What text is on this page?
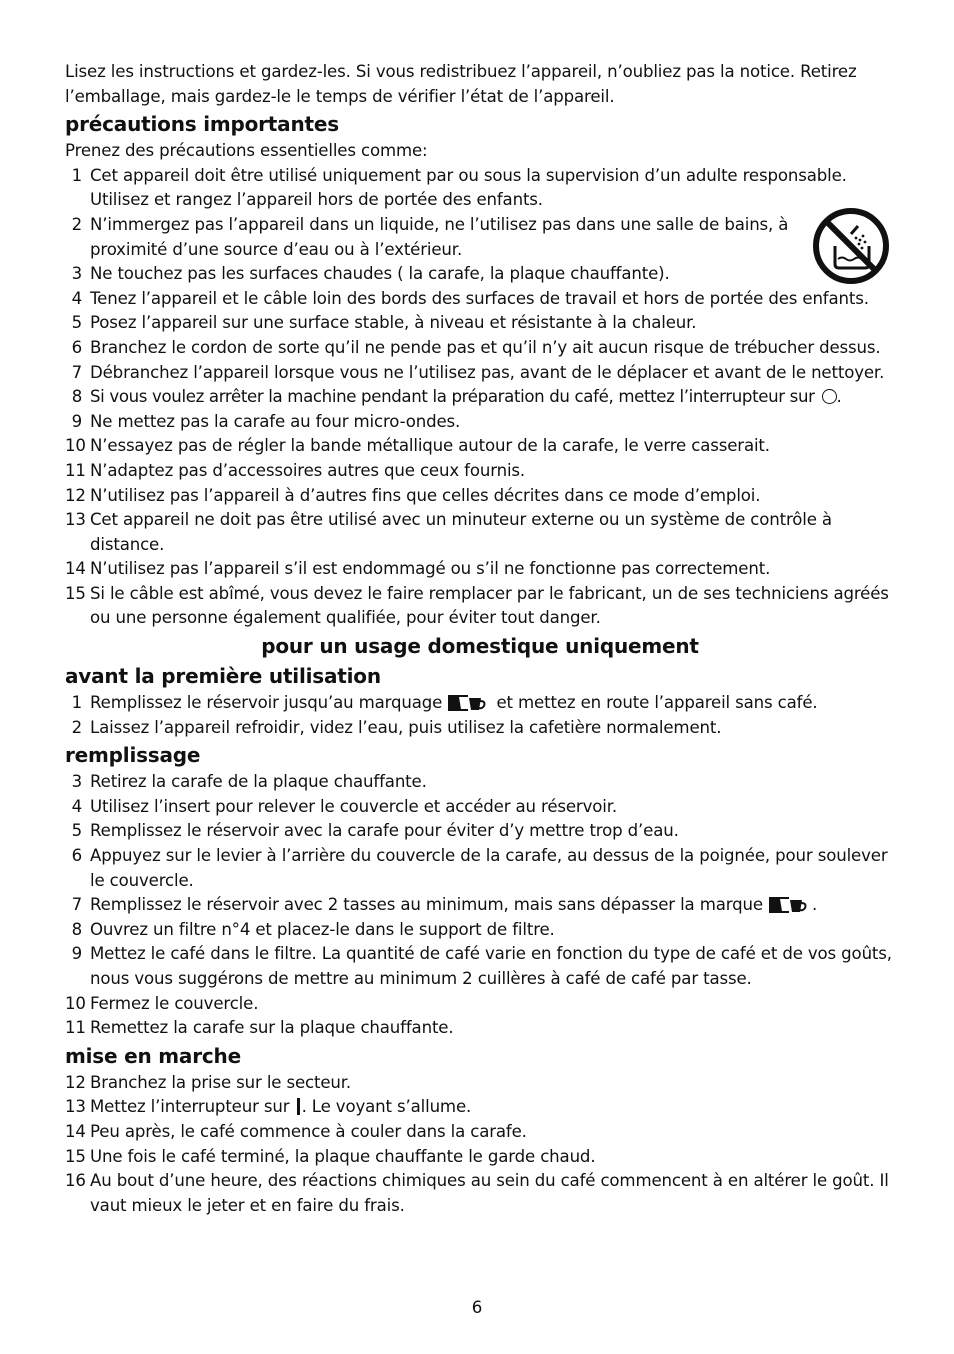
Lisez les instructions et gardez-les. Si vous redistribuez l’appareil, n’oubliez pas la notice. Retirez l’emballage, mais gardez-le le temps de vérifier l’état de l’appareil.

précautions importantes

Prenez des précautions essentielles comme:

1 Cet appareil doit être utilisé uniquement par ou sous la supervision d’un adulte responsable. Utilisez et rangez l’appareil hors de portée des enfants.
2 N’immergez pas l’appareil dans un liquide, ne l’utilisez pas dans une salle de bains, à proximité d’une source d’eau ou à l’extérieur.
3 Ne touchez pas les surfaces chaudes ( la carafe, la plaque chauffante).
4 Tenez l’appareil et le câble loin des bords des surfaces de travail et hors de portée des enfants.
5 Posez l’appareil sur une surface stable, à niveau et résistante à la chaleur.
6 Branchez le cordon de sorte qu’il ne pende pas et qu’il n’y ait aucun risque de trébucher dessus.
7 Débranchez l’appareil lorsque vous ne l’utilisez pas, avant de le déplacer et avant de le nettoyer.
8 Si vous voulez arrêter la machine pendant la préparation du café, mettez l’interrupteur sur .
9 Ne mettez pas la carafe au four micro-ondes.
10 N’essayez pas de régler la bande métallique autour de la carafe, le verre casserait.
11 N’adaptez pas d’accessoires autres que ceux fournis.
12 N’utilisez pas l’appareil à d’autres fins que celles décrites dans ce mode d’emploi.
13 Cet appareil ne doit pas être utilisé avec un minuteur externe ou un système de contrôle à distance.
14 N’utilisez pas l’appareil s’il est endommagé ou s’il ne fonctionne pas correctement.
15 Si le câble est abîmé, vous devez le faire remplacer par le fabricant, un de ses techniciens agréés ou une personne également qualifiée, pour éviter tout danger.

pour un usage domestique uniquement

avant la première utilisation
1 Remplissez le réservoir jusqu’au marquage	et mettez en route l’appareil sans café.
2 Laissez l’appareil refroidir, videz l’eau, puis utilisez la cafetière normalement.
remplissage
3 Retirez la carafe de la plaque chauffante.
4 Utilisez l’insert pour relever le couvercle et accéder au réservoir.
5 Remplissez le réservoir avec la carafe pour éviter d’y mettre trop d’eau.
6 Appuyez sur le levier à l’arrière du couvercle de la carafe, au dessus de la poignée, pour soulever le couvercle.
7 Remplissez le réservoir avec 2 tasses au minimum, mais sans dépasser la marque	.
8 Ouvrez un filtre n°4 et placez-le dans le support de filtre.
9 Mettez le café dans le filtre. La quantité de café varie en fonction du type de café et de vos goûts, nous vous suggérons de mettre au minimum 2 cuillères à café de café par tasse.
10 Fermez le couvercle.
11 Remettez la carafe sur la plaque chauffante.
mise en marche
12 Branchez la prise sur le secteur.
13 Mettez l’interrupteur sur . Le voyant s’allume.
14 Peu après, le café commence à couler dans la carafe.
15 Une fois le café terminé, la plaque chauffante le garde chaud.
16 Au bout d’une heure, des réactions chimiques au sein du café commencent à en altérer le goût. Il vaut mieux le jeter et en faire du frais.
6
